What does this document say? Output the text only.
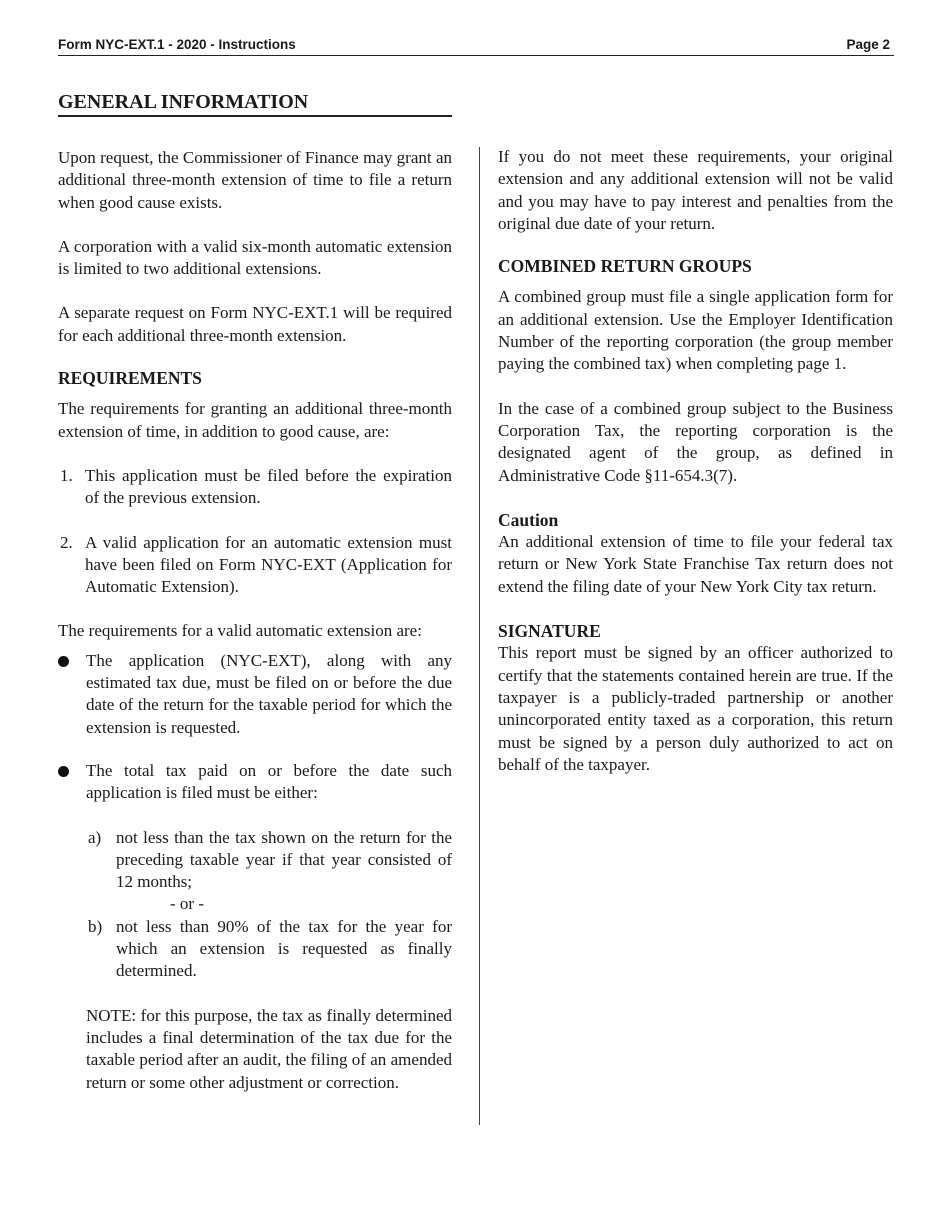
Form NYC-EXT.1 - 2020 - Instructions	Page 2
GENERAL INFORMATION

Upon request, the Commissioner of Finance may grant an additional three-month extension of time to file a return when good cause exists.

A corporation with a valid six-month automatic extension is limited to two additional extensions.

A separate request on Form NYC-EXT.1 will be required for each additional three-month extension.

REQUIREMENTS

The requirements for granting an additional three-month extension of time, in addition to good cause, are:

1. This application must be filed before the expiration of the previous extension.

2. A valid application for an automatic extension must have been filed on Form NYC-EXT (Application for Automatic Extension).

The requirements for a valid automatic extension are:

The application (NYC-EXT), along with any estimated tax due, must be filed on or before the due date of the return for the taxable period for which the extension is requested.

The total tax paid on or before the date such application is filed must be either:

a) not less than the tax shown on the return for the preceding taxable year if that year consisted of 12 months;

- or -

b) not less than 90% of the tax for the year for which an extension is requested as finally determined.

NOTE: for this purpose, the tax as finally determined includes a final determination of the tax due for the taxable period after an audit, the filing of an amended return or some other adjustment or correction.

If you do not meet these requirements, your original extension and any additional extension will not be valid and you may have to pay interest and penalties from the original due date of your return.

COMBINED RETURN GROUPS

A combined group must file a single application form for an additional extension. Use the Employer Identification Number of the reporting corporation (the group member paying the combined tax) when completing page 1.

In the case of a combined group subject to the Business Corporation Tax, the reporting corporation is the designated agent of the group, as defined in Administrative Code §11-654.3(7).

Caution

An additional extension of time to file your federal tax return or New York State Franchise Tax return does not extend the filing date of your New York City tax return.

SIGNATURE

This report must be signed by an officer authorized to certify that the statements contained herein are true. If the taxpayer is a publicly-traded partnership or another unincorporated entity taxed as a corporation, this return must be signed by a person duly authorized to act on behalf of the taxpayer.
